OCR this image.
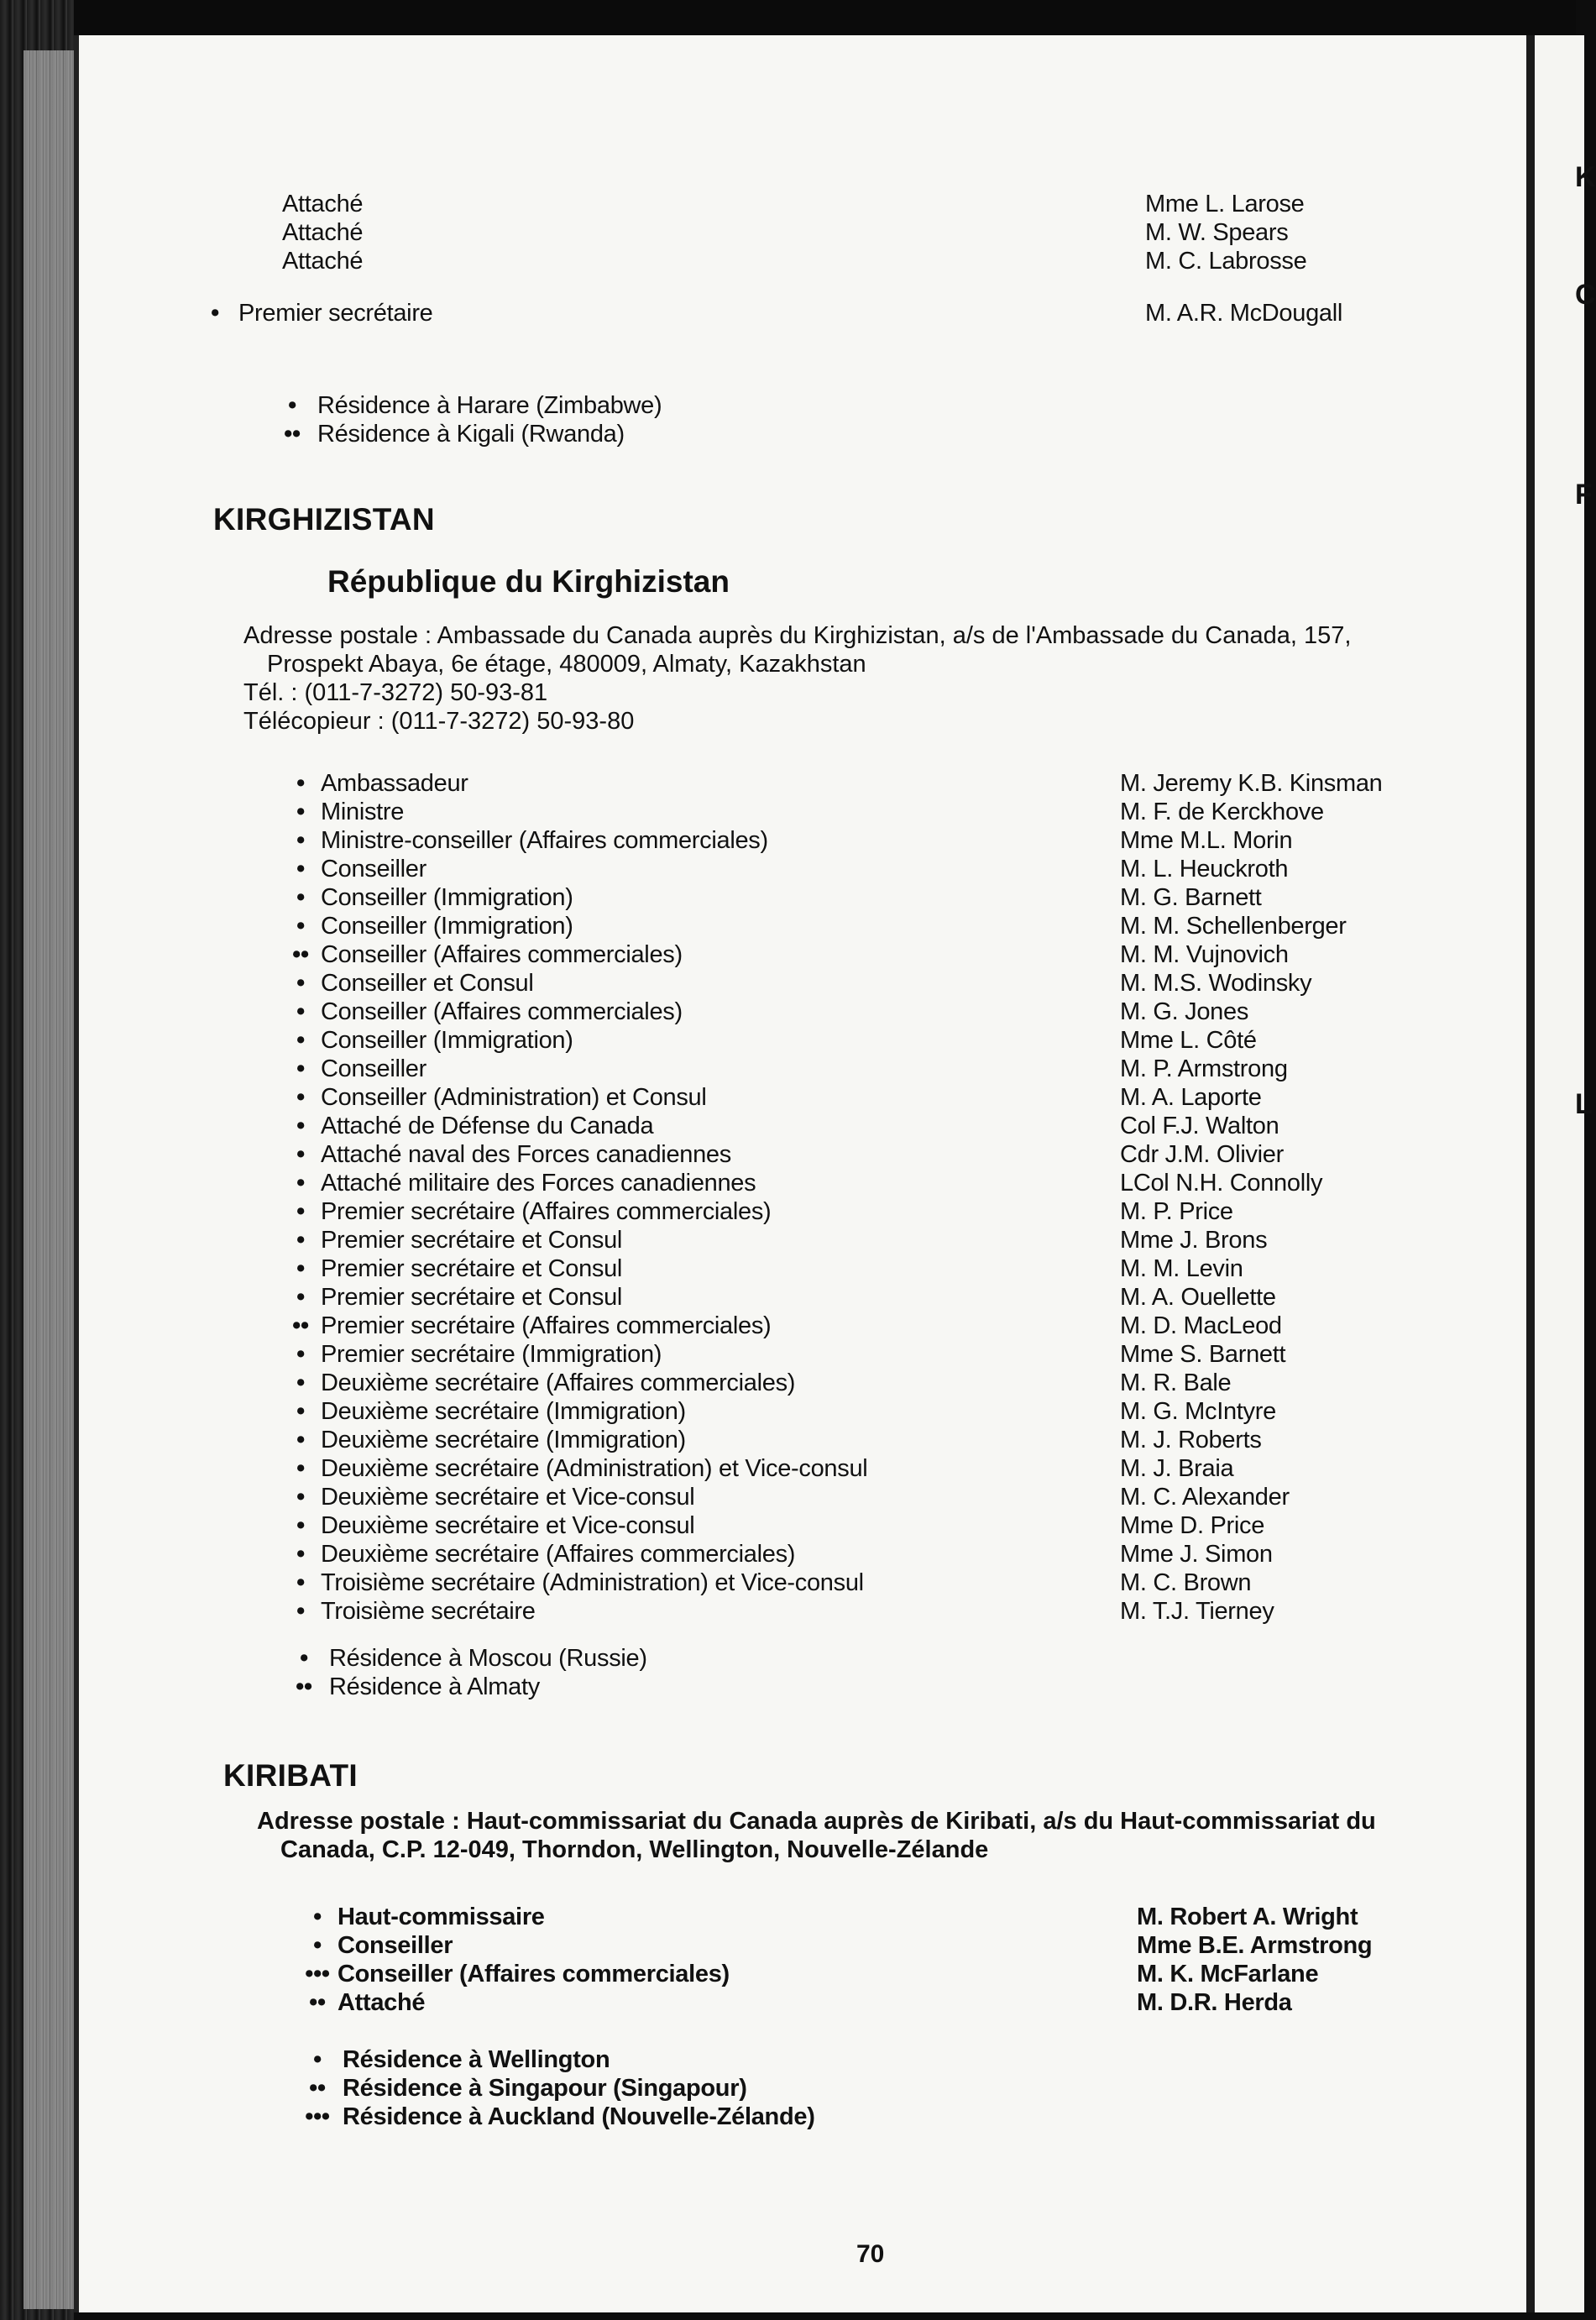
Attaché	Mme L. Larose
Attaché	M. W. Spears
Attaché	M. C. Labrosse
• Premier secrétaire	M. A.R. McDougall
• Résidence à Harare (Zimbabwe)
•• Résidence à Kigali (Rwanda)
KIRGHIZISTAN
République du Kirghizistan
Adresse postale : Ambassade du Canada auprès du Kirghizistan, a/s de l'Ambassade du Canada, 157,
Prospekt Abaya, 6e étage, 480009, Almaty, Kazakhstan
Tél. : (011-7-3272) 50-93-81
Télécopieur : (011-7-3272) 50-93-80
• Ambassadeur	M. Jeremy K.B. Kinsman
• Ministre	M. F. de Kerckhove
• Ministre-conseiller (Affaires commerciales)	Mme M.L. Morin
• Conseiller	M. L. Heuckroth
• Conseiller (Immigration)	M. G. Barnett
• Conseiller (Immigration)	M. M. Schellenberger
•• Conseiller (Affaires commerciales)	M. M. Vujnovich
• Conseiller et Consul	M. M.S. Wodinsky
• Conseiller (Affaires commerciales)	M. G. Jones
• Conseiller (Immigration)	Mme L. Côté
• Conseiller	M. P. Armstrong
• Conseiller (Administration) et Consul	M. A. Laporte
• Attaché de Défense du Canada	Col F.J. Walton
• Attaché naval des Forces canadiennes	Cdr J.M. Olivier
• Attaché militaire des Forces canadiennes	LCol N.H. Connolly
• Premier secrétaire (Affaires commerciales)	M. P. Price
• Premier secrétaire et Consul	Mme J. Brons
• Premier secrétaire et Consul	M. M. Levin
• Premier secrétaire et Consul	M. A. Ouellette
•• Premier secrétaire (Affaires commerciales)	M. D. MacLeod
• Premier secrétaire (Immigration)	Mme S. Barnett
• Deuxième secrétaire (Affaires commerciales)	M. R. Bale
• Deuxième secrétaire (Immigration)	M. G. McIntyre
• Deuxième secrétaire (Immigration)	M. J. Roberts
• Deuxième secrétaire (Administration) et Vice-consul	M. J. Braia
• Deuxième secrétaire et Vice-consul	M. C. Alexander
• Deuxième secrétaire et Vice-consul	Mme D. Price
• Deuxième secrétaire (Affaires commerciales)	Mme J. Simon
• Troisième secrétaire (Administration) et Vice-consul	M. C. Brown
• Troisième secrétaire	M. T.J. Tierney
• Résidence à Moscou (Russie)
•• Résidence à Almaty
KIRIBATI
Adresse postale : Haut-commissariat du Canada auprès de Kiribati, a/s du Haut-commissariat du
Canada, C.P. 12-049, Thorndon, Wellington, Nouvelle-Zélande
• Haut-commissaire	M. Robert A. Wright
• Conseiller	Mme B.E. Armstrong
••• Conseiller (Affaires commerciales)	M. K. McFarlane
•• Attaché	M. D.R. Herda
• Résidence à Wellington
•• Résidence à Singapour (Singapour)
••• Résidence à Auckland (Nouvelle-Zélande)
70
K
C
F
L
